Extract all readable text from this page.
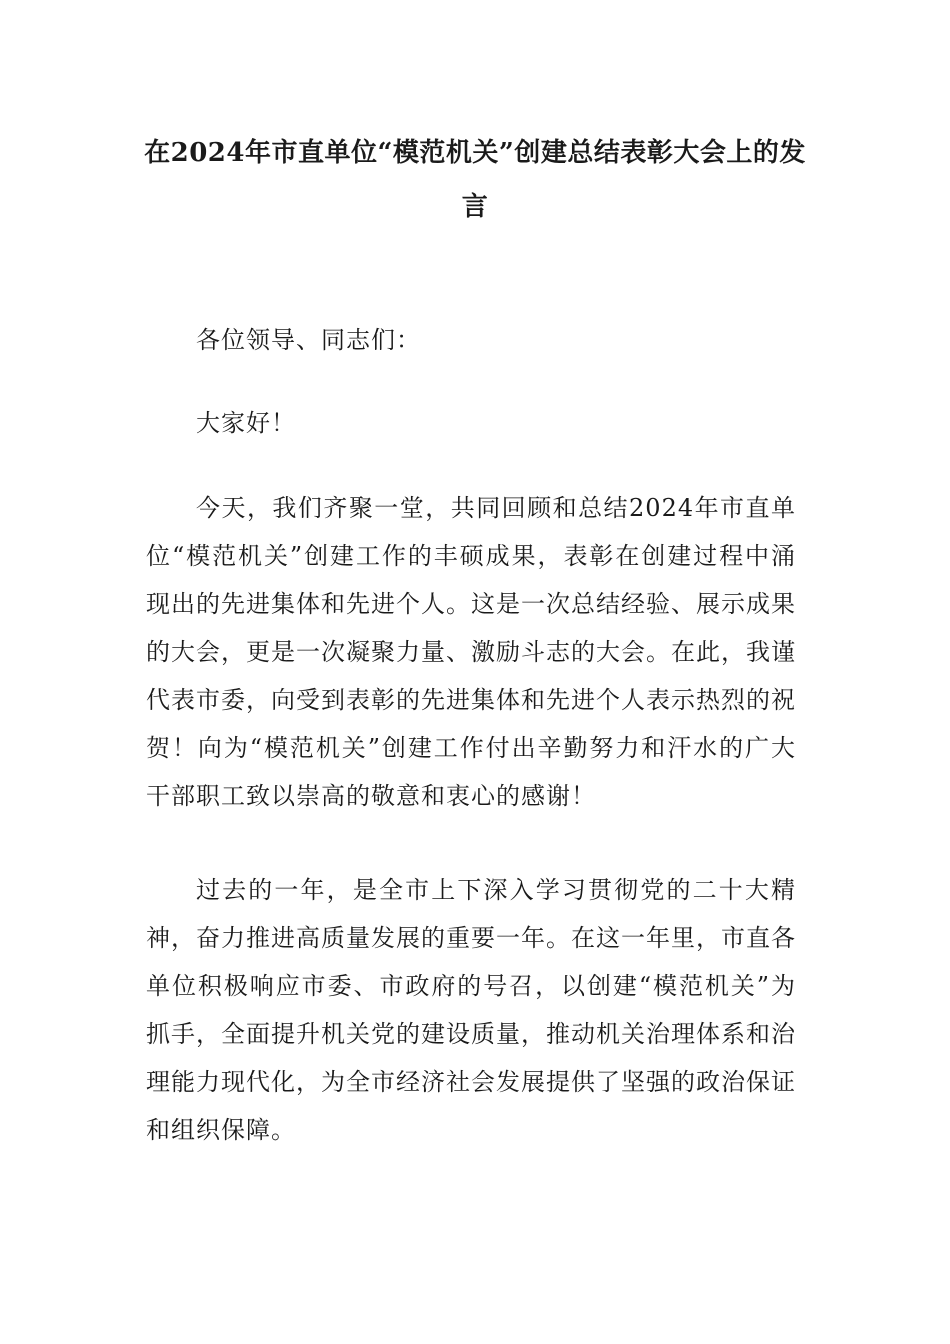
在2024年市直单位“模范机关”创建总结表彰大会上的发言

各位领导、同志们：

大家好！

今天，我们齐聚一堂，共同回顾和总结2024年市直单位“模范机关”创建工作的丰硕成果，表彰在创建过程中涌现出的先进集体和先进个人。这是一次总结经验、展示成果的大会，更是一次凝聚力量、激励斗志的大会。在此，我谨代表市委，向受到表彰的先进集体和先进个人表示热烈的祝贺！向为“模范机关”创建工作付出辛勤努力和汗水的广大干部职工致以崇高的敬意和衷心的感谢！

过去的一年，是全市上下深入学习贯彻党的二十大精神，奋力推进高质量发展的重要一年。在这一年里，市直各单位积极响应市委、市政府的号召，以创建“模范机关”为抓手，全面提升机关党的建设质量，推动机关治理体系和治理能力现代化，为全市经济社会发展提供了坚强的政治保证和组织保障。
